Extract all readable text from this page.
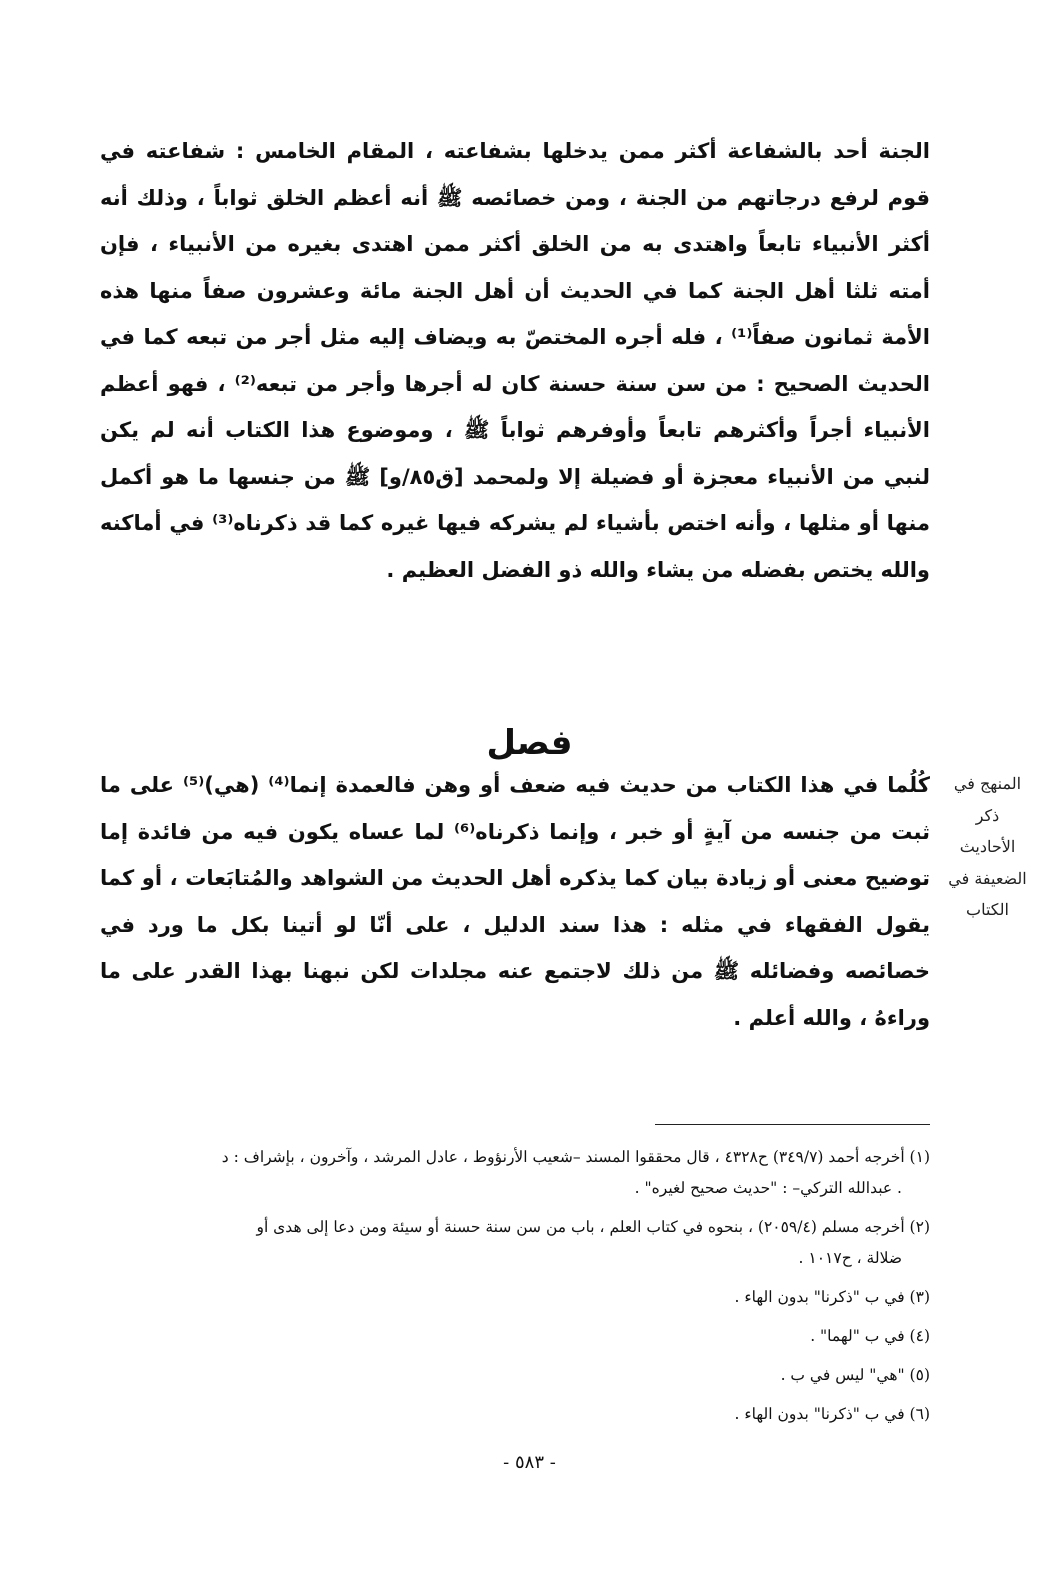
الجنة أحد بالشفاعة أكثر ممن يدخلها بشفاعته ، المقام الخامس : شفاعته في قوم لرفع درجاتهم من الجنة ، ومن خصائصه ﷺ أنه أعظم الخلق ثواباً ، وذلك أنه أكثر الأنبياء تابعاً واهتدى به من الخلق أكثر ممن اهتدى بغيره من الأنبياء ، فإن أمته ثلثا أهل الجنة كما في الحديث أن أهل الجنة مائة وعشرون صفاً منها هذه الأمة ثمانون صفاً⁽¹⁾ ، فله أجره المختصّ به ويضاف إليه مثل أجر من تبعه كما في الحديث الصحيح : من سن سنة حسنة كان له أجرها وأجر من تبعه⁽²⁾ ، فهو أعظم الأنبياء أجراً وأكثرهم تابعاً وأوفرهم ثواباً ﷺ ، وموضوع هذا الكتاب أنه لم يكن لنبي من الأنبياء معجزة أو فضيلة إلا ولمحمد [ق٨٥/و] ﷺ من جنسها ما هو أكمل منها أو مثلها ، وأنه اختص بأشياء لم يشركه فيها غيره كما قد ذكرناه⁽³⁾ في أماكنه والله يختص بفضله من يشاء والله ذو الفضل العظيم .

فصل

كُلُما في هذا الكتاب من حديث فيه ضعف أو وهن فالعمدة إنما⁽⁴⁾ (هي)⁽⁵⁾ على ما ثبت من جنسه من آيةٍ أو خبر ، وإنما ذكرناه⁽⁶⁾ لما عساه يكون فيه من فائدة إما توضيح معنى أو زيادة بيان كما يذكره أهل الحديث من الشواهد والمُتابَعات ، أو كما يقول الفقهاء في مثله : هذا سند الدليل ، على أنّا لو أتينا بكل ما ورد في خصائصه وفضائله ﷺ من ذلك لاجتمع عنه مجلدات لكن نبهنا بهذا القدر على ما وراءهُ ، والله أعلم .

المنهج في
ذكر
الأحاديث
الضعيفة في
الكتاب

(١) أخرجه أحمد (٣٤٩/٧) ح٤٣٢٨ ، قال محققوا المسند –شعيب الأرنؤوط ، عادل المرشد ، وآخرون ، بإشراف : د
. عبدالله التركي– : "حديث صحيح لغيره" .

(٢) أخرجه مسلم (٢٠٥٩/٤) ، بنحوه في كتاب العلم ، باب من سن سنة حسنة أو سيئة ومن دعا إلى هدى أو
ضلالة ، ح١٠١٧ .

(٣) في ب "ذكرنا" بدون الهاء .

(٤) في ب "لهما" .

(٥) "هي" ليس في ب .

(٦) في ب "ذكرنا" بدون الهاء .

- ٥٨٣ -
